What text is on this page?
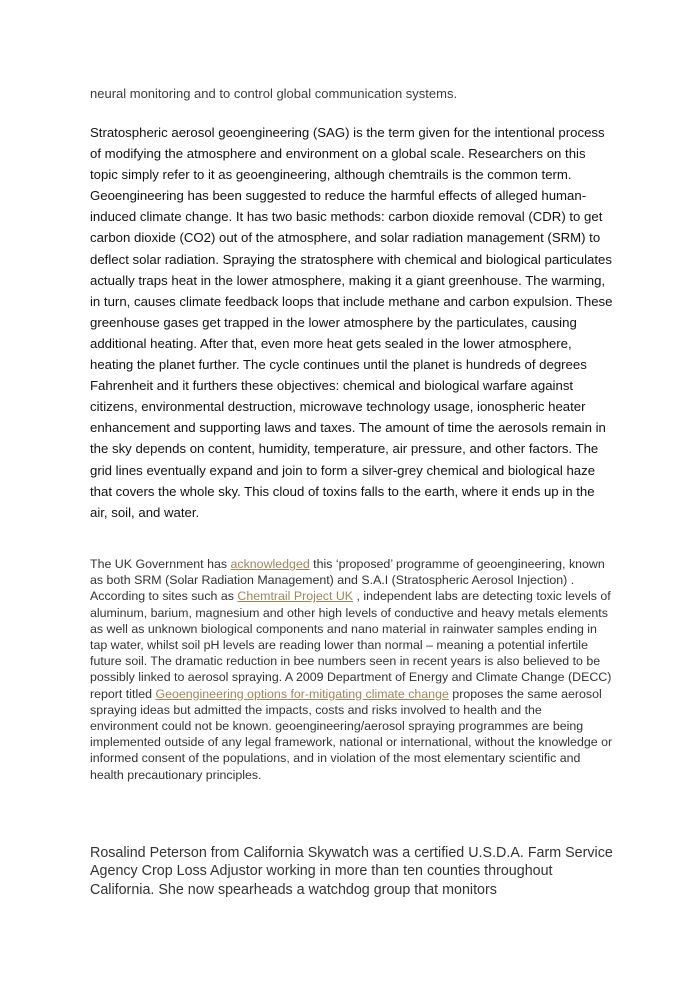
neural monitoring and to control global communication systems.

Stratospheric aerosol geoengineering (SAG) is the term given for the intentional process of modifying the atmosphere and environment on a global scale. Researchers on this topic simply refer to it as geoengineering, although chemtrails is the common term. Geoengineering has been suggested to reduce the harmful effects of alleged human-induced climate change. It has two basic methods: carbon dioxide removal (CDR) to get carbon dioxide (CO2) out of the atmosphere, and solar radiation management (SRM) to deflect solar radiation. Spraying the stratosphere with chemical and biological particulates actually traps heat in the lower atmosphere, making it a giant greenhouse. The warming, in turn, causes climate feedback loops that include methane and carbon expulsion. These greenhouse gases get trapped in the lower atmosphere by the particulates, causing additional heating. After that, even more heat gets sealed in the lower atmosphere, heating the planet further. The cycle continues until the planet is hundreds of degrees Fahrenheit and it furthers these objectives: chemical and biological warfare against citizens, environmental destruction, microwave technology usage, ionospheric heater enhancement and supporting laws and taxes. The amount of time the aerosols remain in the sky depends on content, humidity, temperature, air pressure, and other factors. The grid lines eventually expand and join to form a silver-grey chemical and biological haze that covers the whole sky. This cloud of toxins falls to the earth, where it ends up in the air, soil, and water.

The UK Government has acknowledged this ‘proposed’ programme of geoengineering, known as both SRM (Solar Radiation Management) and S.A.I (Stratospheric Aerosol Injection) . According to sites such as Chemtrail Project UK , independent labs are detecting toxic levels of aluminum, barium, magnesium and other high levels of conductive and heavy metals elements as well as unknown biological components and nano material in rainwater samples ending in tap water, whilst soil pH levels are reading lower than normal – meaning a potential infertile future soil. The dramatic reduction in bee numbers seen in recent years is also believed to be possibly linked to aerosol spraying. A 2009 Department of Energy and Climate Change (DECC) report titled Geoengineering options for-mitigating climate change proposes the same aerosol spraying ideas but admitted the impacts, costs and risks involved to health and the environment could not be known. geoengineering/aerosol spraying programmes are being implemented outside of any legal framework, national or international, without the knowledge or informed consent of the populations, and in violation of the most elementary scientific and health precautionary principles.

Rosalind Peterson from California Skywatch was a certified U.S.D.A. Farm Service Agency Crop Loss Adjustor working in more than ten counties throughout California. She now spearheads a watchdog group that monitors
